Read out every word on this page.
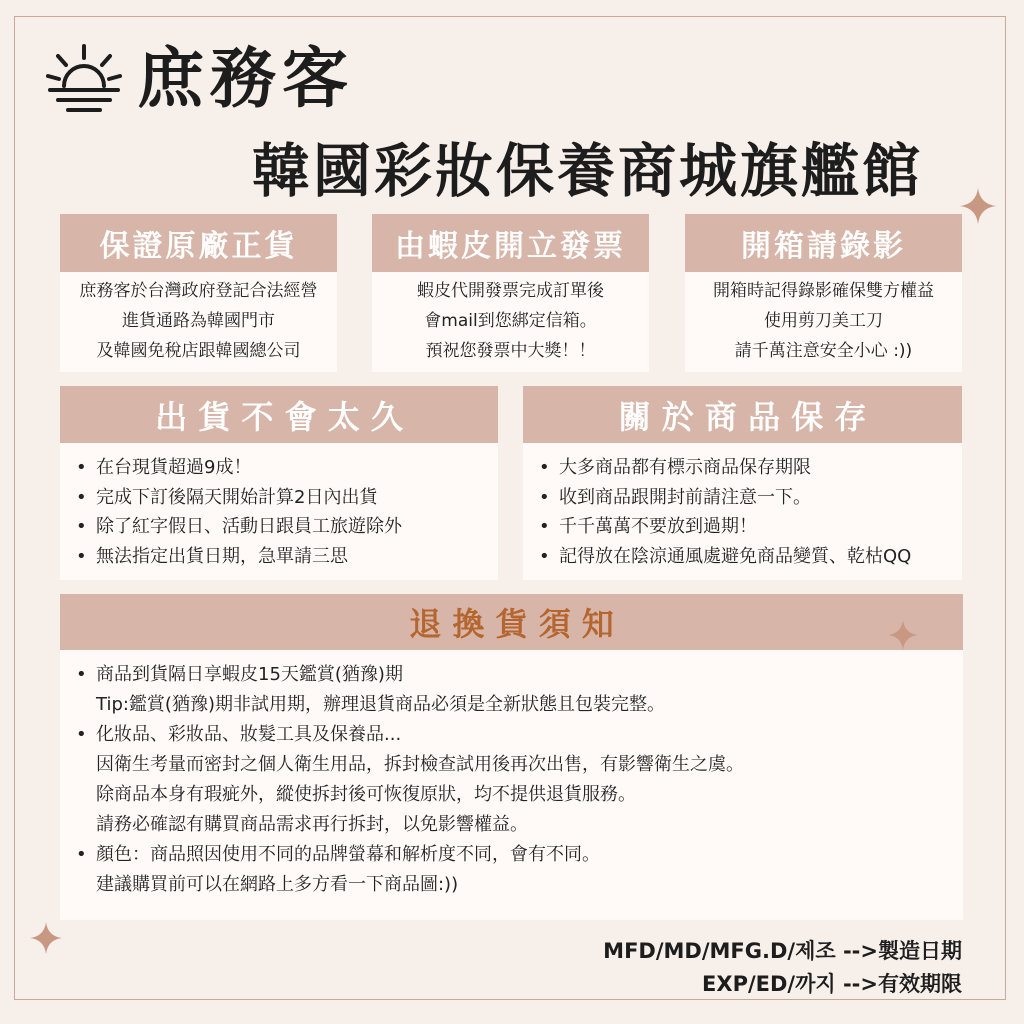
庶務客
韓國彩妝保養商城旗艦館
保證原廠正貨
庶務客於台灣政府登記合法經營
進貨通路為韓國門市
及韓國免稅店跟韓國總公司
由蝦皮開立發票
蝦皮代開發票完成訂單後
會mail到您綁定信箱。
預祝您發票中大獎！！
開箱請錄影
開箱時記得錄影確保雙方權益
使用剪刀美工刀
請千萬注意安全小心 :))
出 貨 不 會 太 久
• 在台現貨超過9成！
• 完成下訂後隔天開始計算2日內出貨
• 除了紅字假日、活動日跟員工旅遊除外
• 無法指定出貨日期，急單請三思
關 於 商 品 保 存
• 大多商品都有標示商品保存期限
• 收到商品跟開封前請注意一下。
• 千千萬萬不要放到過期！
• 記得放在陰涼通風處避免商品變質、乾枯QQ
退 換 貨 須 知
• 商品到貨隔日享蝦皮15天鑑賞(猶豫)期
Tip:鑑賞(猶豫)期非試用期，辦理退貨商品必須是全新狀態且包裝完整。
• 化妝品、彩妝品、妝髮工具及保養品...
因衛生考量而密封之個人衛生用品，拆封檢查試用後再次出售，有影響衛生之虞。
除商品本身有瑕疵外，縱使拆封後可恢復原狀，均不提供退貨服務。
請務必確認有購買商品需求再行拆封，以免影響權益。
• 顏色：商品照因使用不同的品牌螢幕和解析度不同，會有不同。
建議購買前可以在網路上多方看一下商品圖:))
MFD/MD/MFG.D/제조 -->製造日期
EXP/ED/까지 -->有效期限
